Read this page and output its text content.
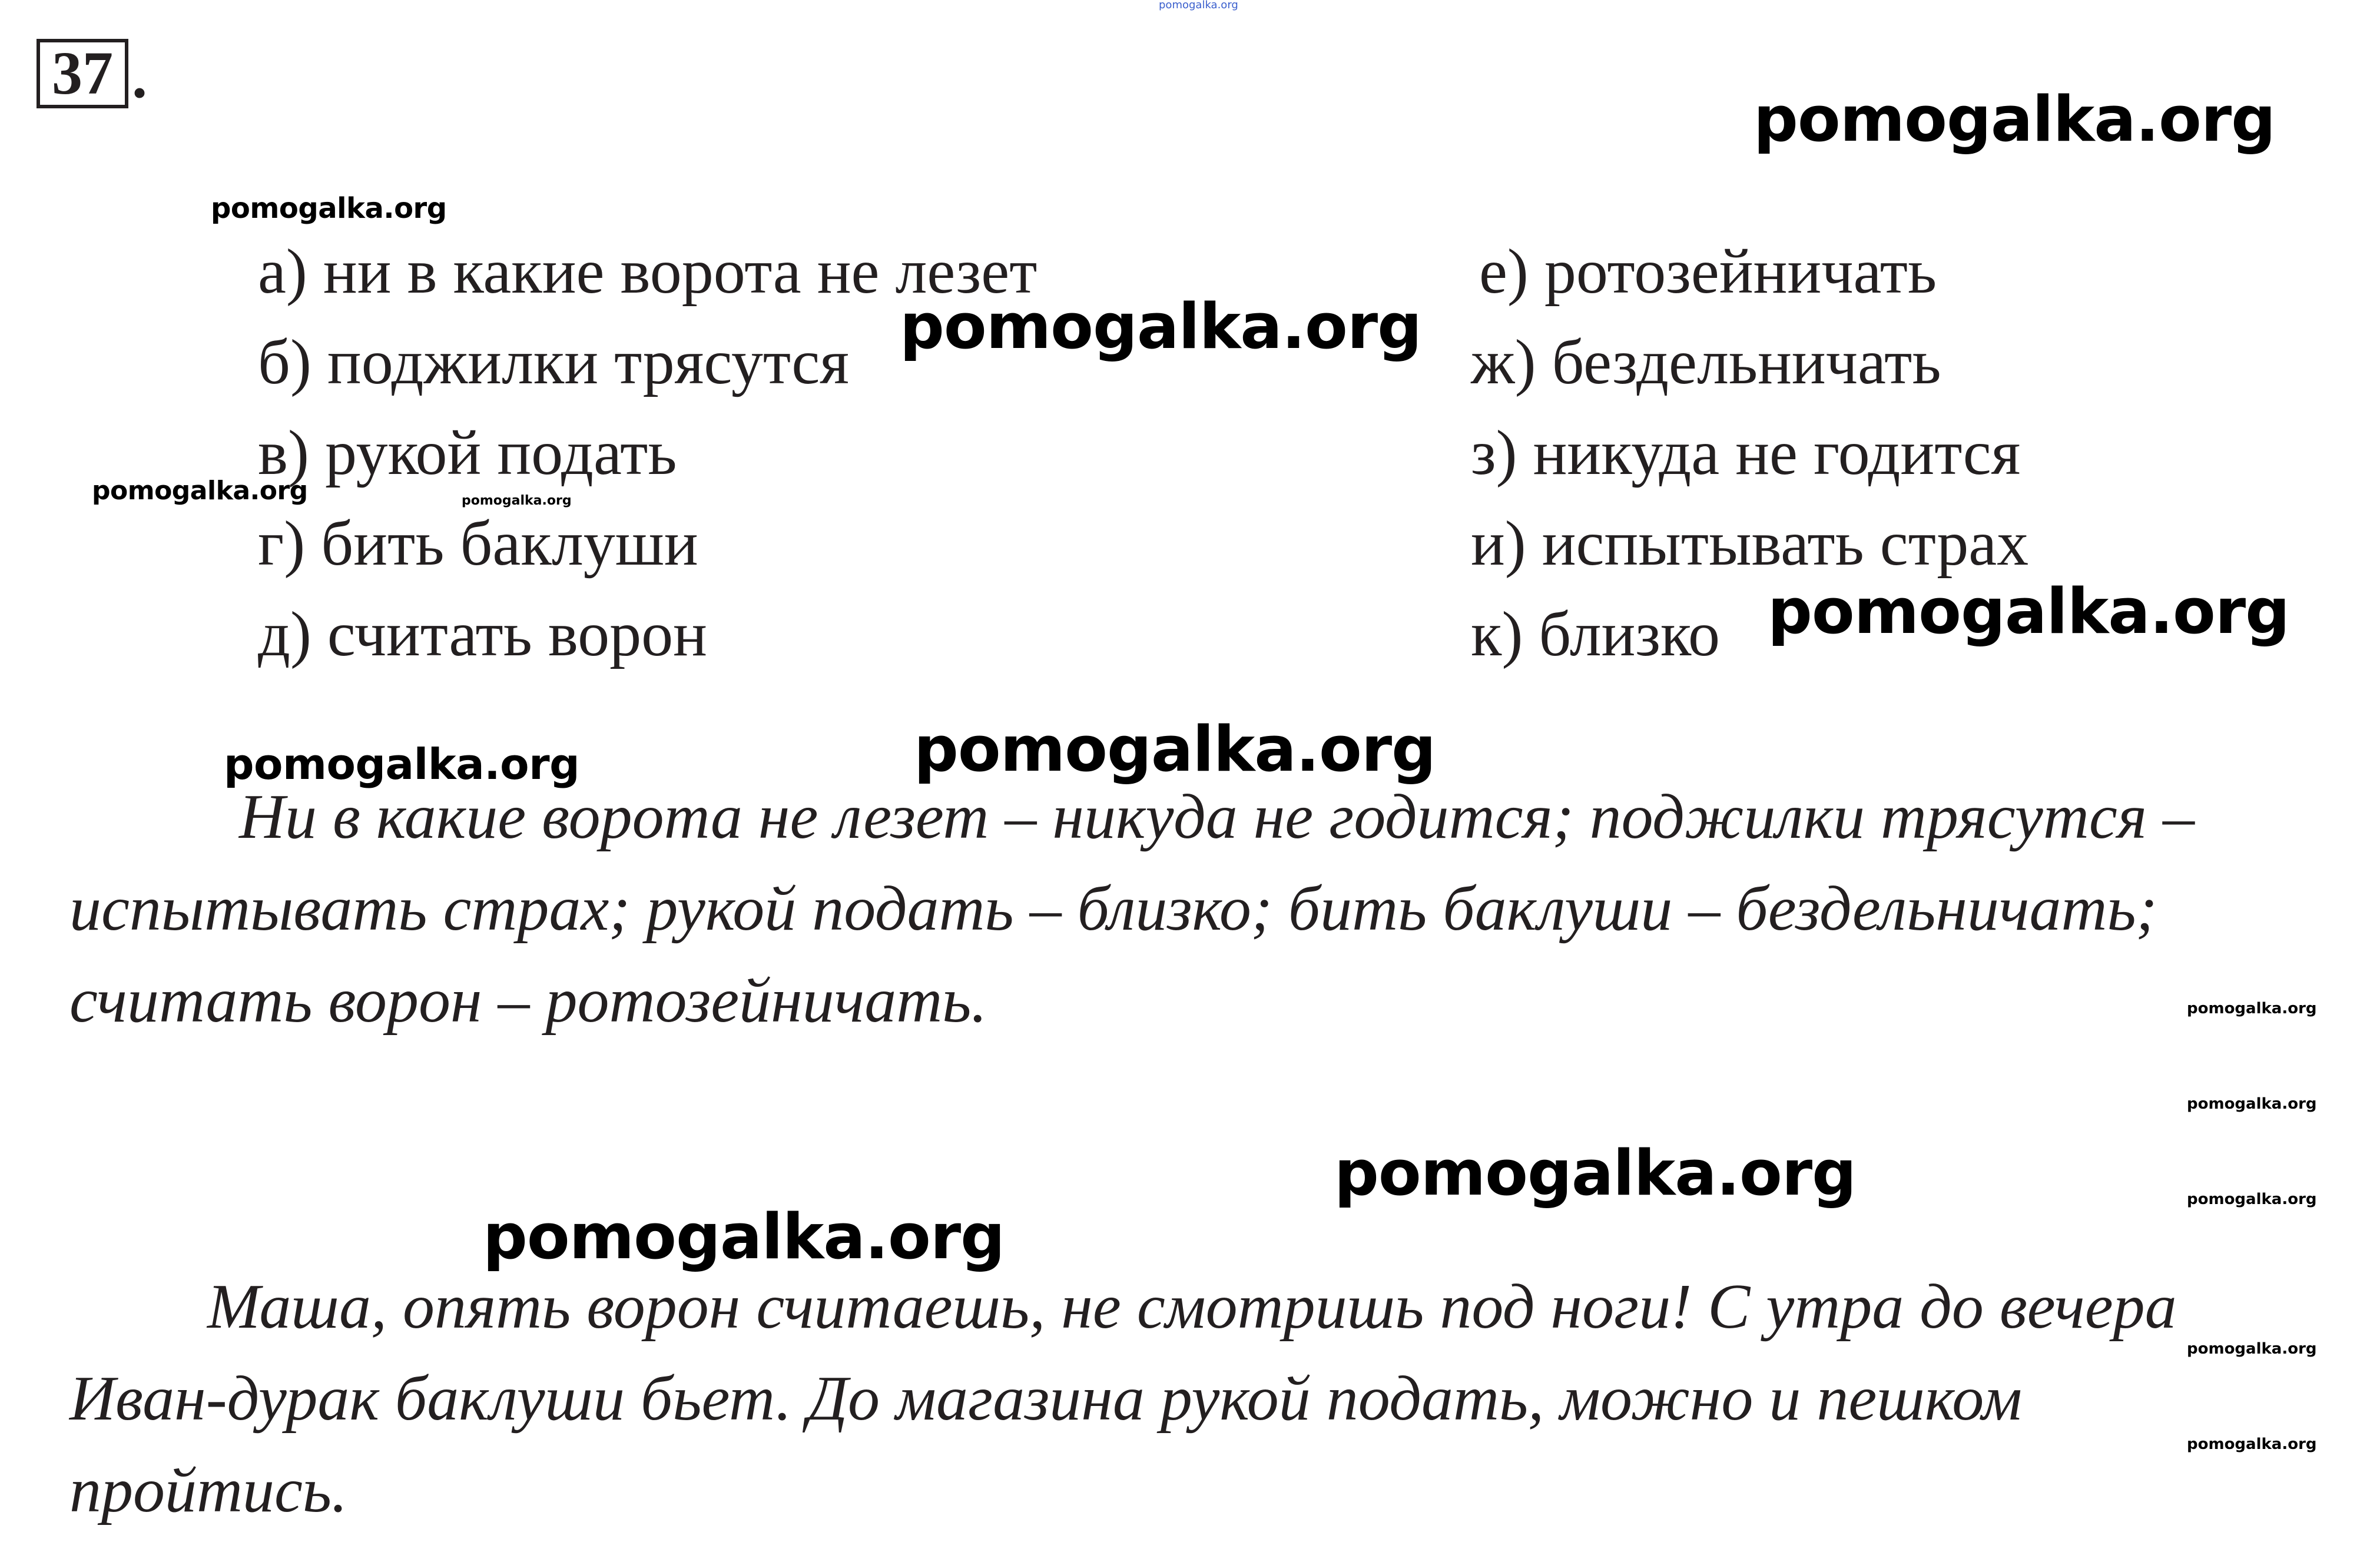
pomogalka.org
37 .
pomogalka.org
pomogalka.org
pomogalka.org
pomogalka.org	pomogalka.org
pomogalka.org
pomogalka.org	pomogalka.org
pomogalka.org
pomogalka.org
pomogalka.org
pomogalka.org
pomogalka.org
pomogalka.org
pomogalka.org
а) ни в какие ворота не лезет
б) поджилки трясутся
в) рукой подать
г) бить баклуши
д) считать ворон
е) ротозейничать
ж) бездельничать
з) никуда не годится
и) испытывать страх
к) близко
Ни в какие ворота не лезет – никуда не годится; поджилки трясутся –
испытывать страх; рукой подать – близко; бить баклуши – бездельничать;
считать ворон – ротозейничать.
Маша, опять ворон считаешь, не смотришь под ноги! С утра до вечера
Иван-дурак баклуши бьет. До магазина рукой подать, можно и пешком
пройтись.
